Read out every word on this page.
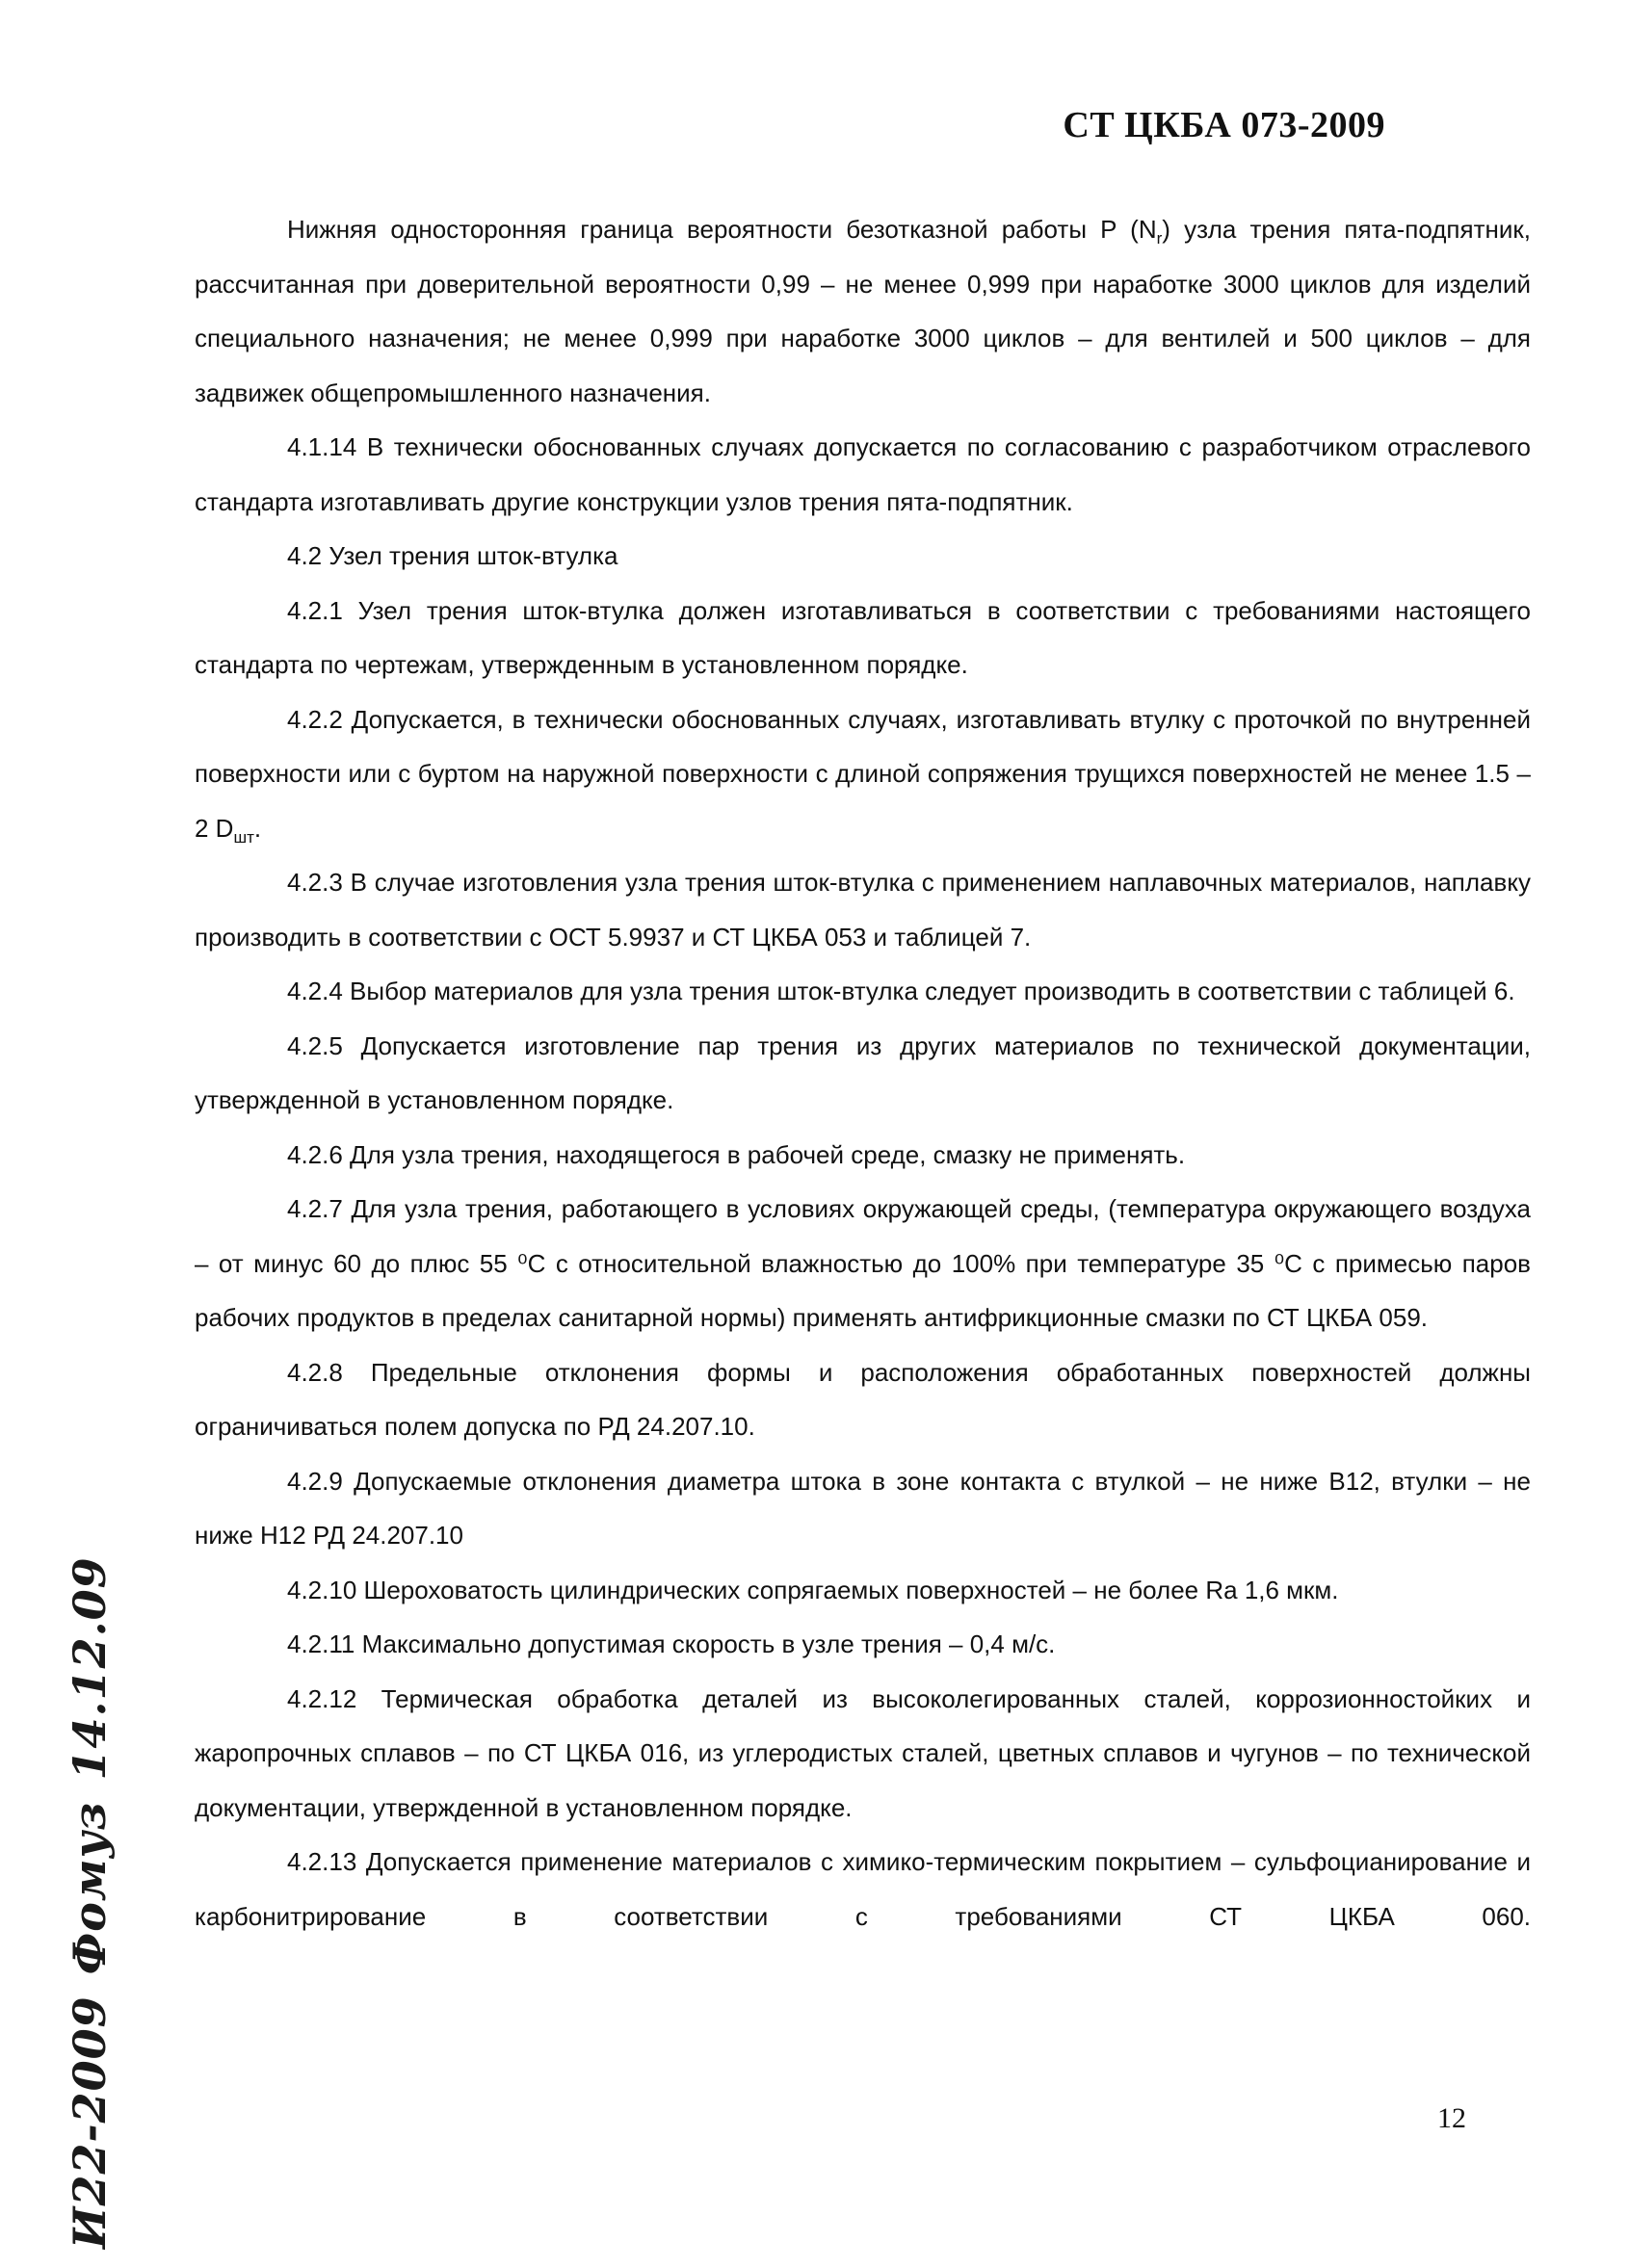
СТ ЦКБА 073-2009

Нижняя односторонняя граница вероятности безотказной работы P $(N_r)$ узла трения пята-подпятник, рассчитанная при доверительной вероятности 0,99 – не менее 0,999 при наработке 3000 циклов для изделий специального назначения; не менее 0,999 при наработке 3000 циклов – для вентилей и 500 циклов – для задвижек общепромышленного назначения.

4.1.14 В технически обоснованных случаях допускается по согласованию с разработчиком отраслевого стандарта изготавливать другие конструкции узлов трения пята-подпятник.

4.2 Узел трения шток-втулка

4.2.1 Узел трения шток-втулка должен изготавливаться в соответствии с требованиями настоящего стандарта по чертежам, утвержденным в установленном порядке.

4.2.2 Допускается, в технически обоснованных случаях, изготавливать втулку с проточкой по внутренней поверхности или с буртом на наружной поверхности с длиной сопряжения трущихся поверхностей не менее 1.5 – 2 $D_{шт}$.

4.2.3 В случае изготовления узла трения шток-втулка с применением наплавочных материалов, наплавку производить в соответствии с ОСТ 5.9937 и СТ ЦКБА 053 и таблицей 7.

4.2.4 Выбор материалов для узла трения шток-втулка следует производить в соответствии с таблицей 6.

4.2.5 Допускается изготовление пар трения из других материалов по технической документации, утвержденной в установленном порядке.

4.2.6 Для узла трения, находящегося в рабочей среде, смазку не применять.

4.2.7 Для узла трения, работающего в условиях окружающей среды, (температура окружающего воздуха – от минус 60 до плюс 55 ⁰С с относительной влажностью до 100% при температуре 35 ⁰С с примесью паров рабочих продуктов в пределах санитарной нормы) применять антифрикционные смазки по СТ ЦКБА 059.

4.2.8 Предельные отклонения формы и расположения обработанных поверхностей должны ограничиваться полем допуска по РД 24.207.10.

4.2.9 Допускаемые отклонения диаметра штока в зоне контакта с втулкой – не ниже В12, втулки – не ниже Н12 РД 24.207.10

4.2.10 Шероховатость цилиндрических сопрягаемых поверхностей – не более Ra 1,6 мкм.

4.2.11 Максимально допустимая скорость в узле трения – 0,4 м/с.

4.2.12 Термическая обработка деталей из высоколегированных сталей, коррозионностойких и жаропрочных сплавов – по СТ ЦКБА 016, из углеродистых сталей, цветных сплавов и чугунов – по технической документации, утвержденной в установленном порядке.

4.2.13 Допускается применение материалов с химико-термическим покрытием – сульфоцианирование и карбонитрирование в соответствии с требованиями СТ ЦКБА 060.

12
И22-2009Фомуз14.12.09
